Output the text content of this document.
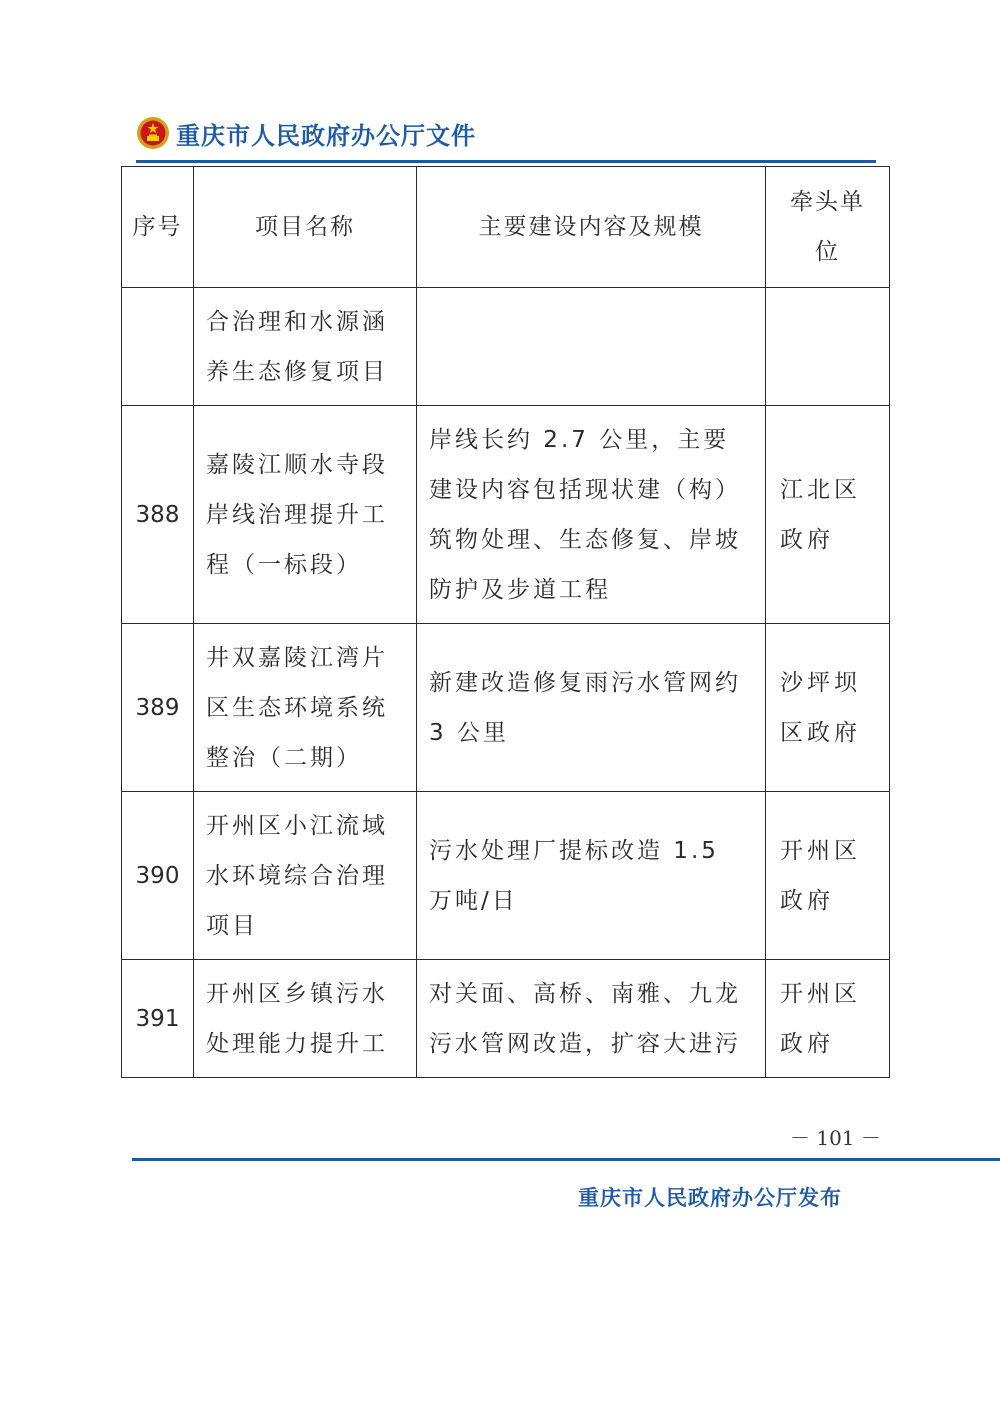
重庆市人民政府办公厅文件
序号	项目名称	主要建设内容及规模	牵头单位
	合治理和水源涵养生态修复项目		
388	嘉陵江顺水寺段岸线治理提升工程（一标段）	岸线长约 2.7 公里，主要建设内容包括现状建（构）筑物处理、生态修复、岸坡防护及步道工程	江北区政府
389	井双嘉陵江湾片区生态环境系统整治（二期）	新建改造修复雨污水管网约 3 公里	沙坪坝区政府
390	开州区小江流域水环境综合治理项目	污水处理厂提标改造 1.5 万吨/日	开州区政府
391	开州区乡镇污水处理能力提升工	对关面、高桥、南雅、九龙污水管网改造，扩容大进污	开州区政府
－ 101 －
重庆市人民政府办公厅发布
